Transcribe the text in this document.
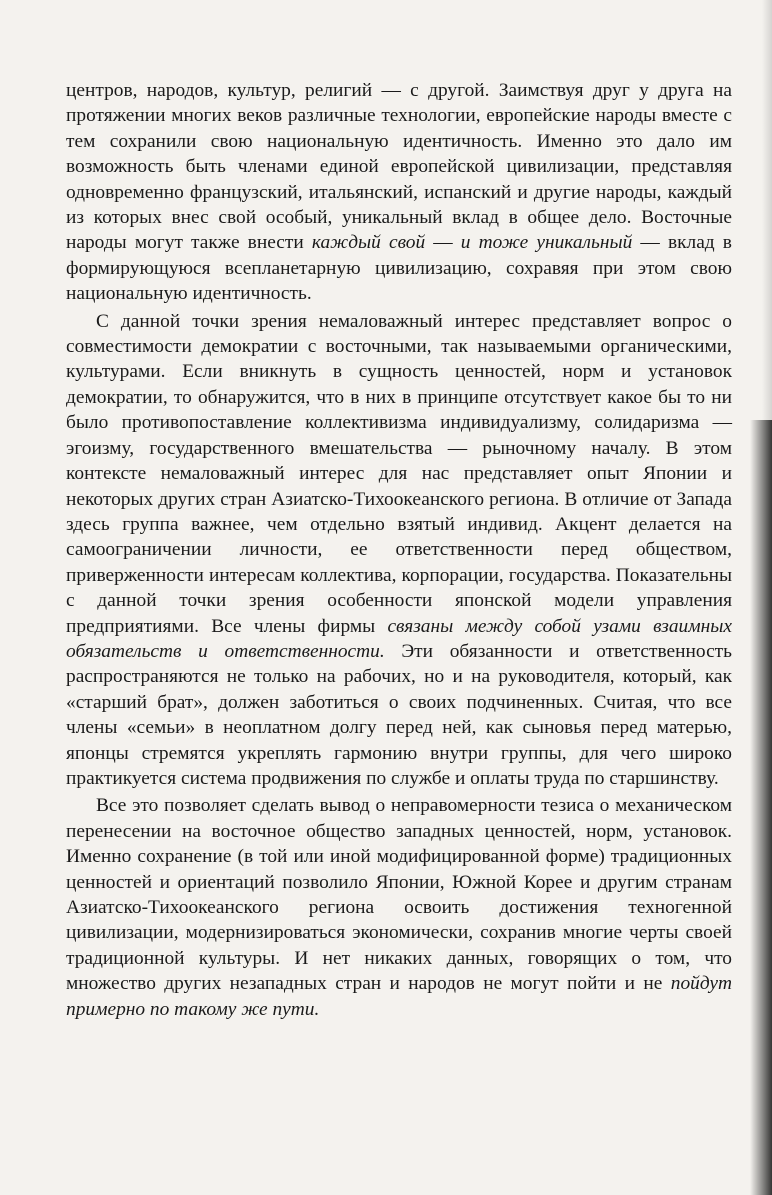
центров, народов, культур, религий — с другой. Заимствуя друг у друга на протяжении многих веков различные технологии, европейские народы вместе с тем сохранили свою национальную идентичность. Именно это дало им возможность быть членами единой европейской цивилизации, представляя одновременно французский, итальянский, испанский и другие народы, каждый из которых внес свой особый, уникальный вклад в общее дело. Восточные народы могут также внести каждый свой — и тоже уникальный — вклад в формирующуюся всепланетарную цивилизацию, сохравяя при этом свою национальную идентичность.

С данной точки зрения немаловажный интерес представляет вопрос о совместимости демократии с восточными, так называемыми органическими, культурами. Если вникнуть в сущность ценностей, норм и установок демократии, то обнаружится, что в них в принципе отсутствует какое бы то ни было противопоставление коллективизма индивидуализму, солидаризма — эгоизму, государственного вмешательства — рыночному началу. В этом контексте немаловажный интерес для нас представляет опыт Японии и некоторых других стран Азиатско-Тихоокеанского региона. В отличие от Запада здесь группа важнее, чем отдельно взятый индивид. Акцент делается на самоограничении личности, ее ответственности перед обществом, приверженности интересам коллектива, корпорации, государства. Показательны с данной точки зрения особенности японской модели управления предприятиями. Все члены фирмы связаны между собой узами взаимных обязательств и ответственности. Эти обязанности и ответственность распространяются не только на рабочих, но и на руководителя, который, как «старший брат», должен заботиться о своих подчиненных. Считая, что все члены «семьи» в неоплатном долгу перед ней, как сыновья перед матерью, японцы стремятся укреплять гармонию внутри группы, для чего широко практикуется система продвижения по службе и оплаты труда по старшинству.

Все это позволяет сделать вывод о неправомерности тезиса о механическом перенесении на восточное общество западных ценностей, норм, установок. Именно сохранение (в той или иной модифицированной форме) традиционных ценностей и ориентаций позволило Японии, Южной Корее и другим странам Азиатско-Тихоокеанского региона освоить достижения техногенной цивилизации, модернизироваться экономически, сохранив многие черты своей традиционной культуры. И нет никаких данных, говорящих о том, что множество других незападных стран и народов не могут пойти и не пойдут примерно по такому же пути.
